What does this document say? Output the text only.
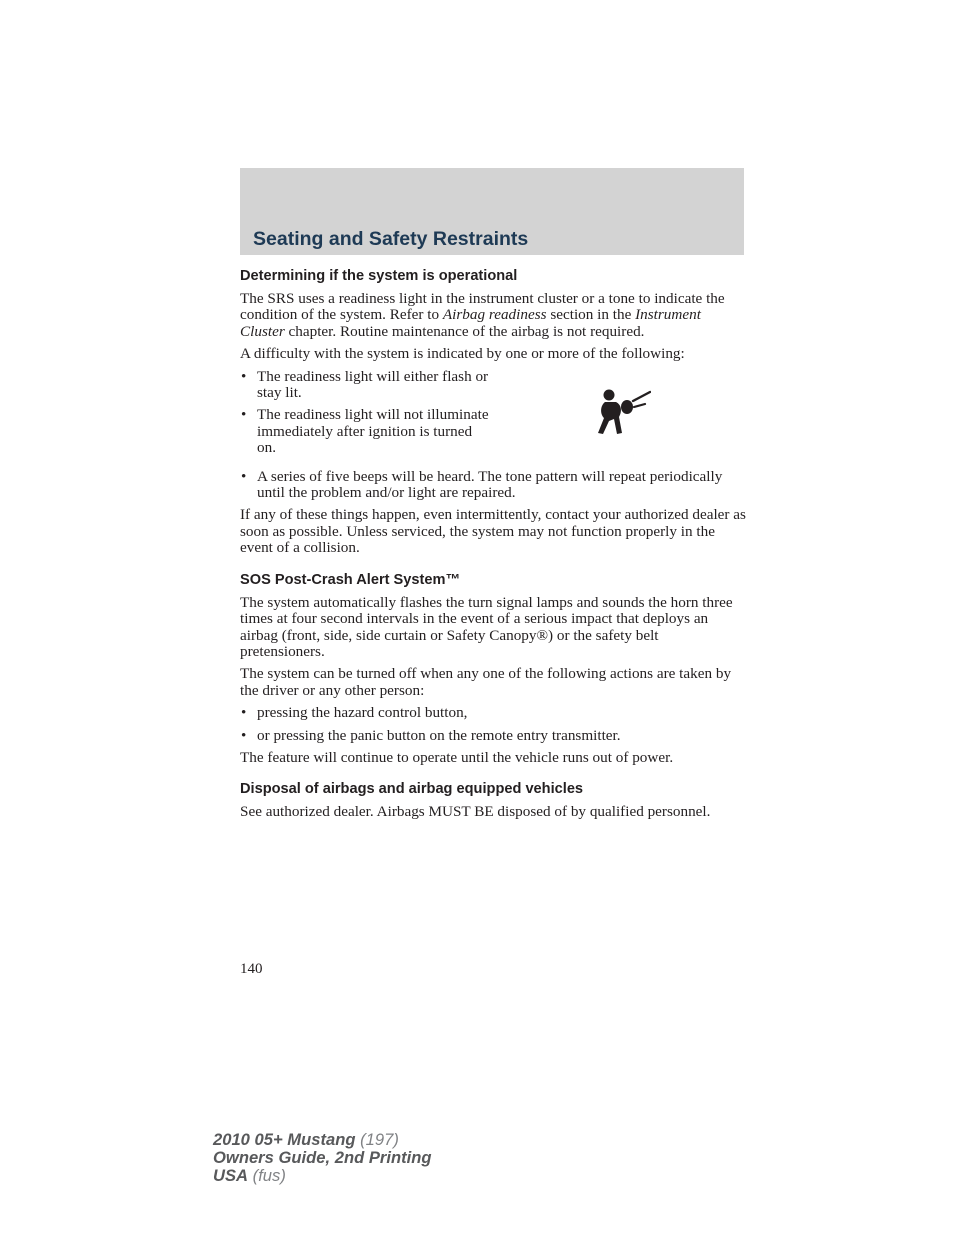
Seating and Safety Restraints
Determining if the system is operational

The SRS uses a readiness light in the instrument cluster or a tone to indicate the condition of the system. Refer to Airbag readiness section in the Instrument Cluster chapter. Routine maintenance of the airbag is not required.

A difficulty with the system is indicated by one or more of the following:

• The readiness light will either flash or stay lit.
• The readiness light will not illuminate immediately after ignition is turned on.
• A series of five beeps will be heard. The tone pattern will repeat periodically until the problem and/or light are repaired.

If any of these things happen, even intermittently, contact your authorized dealer as soon as possible. Unless serviced, the system may not function properly in the event of a collision.

SOS Post-Crash Alert System™

The system automatically flashes the turn signal lamps and sounds the horn three times at four second intervals in the event of a serious impact that deploys an airbag (front, side, side curtain or Safety Canopy®) or the safety belt pretensioners.

The system can be turned off when any one of the following actions are taken by the driver or any other person:

• pressing the hazard control button,
• or pressing the panic button on the remote entry transmitter.

The feature will continue to operate until the vehicle runs out of power.

Disposal of airbags and airbag equipped vehicles

See authorized dealer. Airbags MUST BE disposed of by qualified personnel.

140
2010 05+ Mustang (197)
Owners Guide, 2nd Printing
USA (fus)
